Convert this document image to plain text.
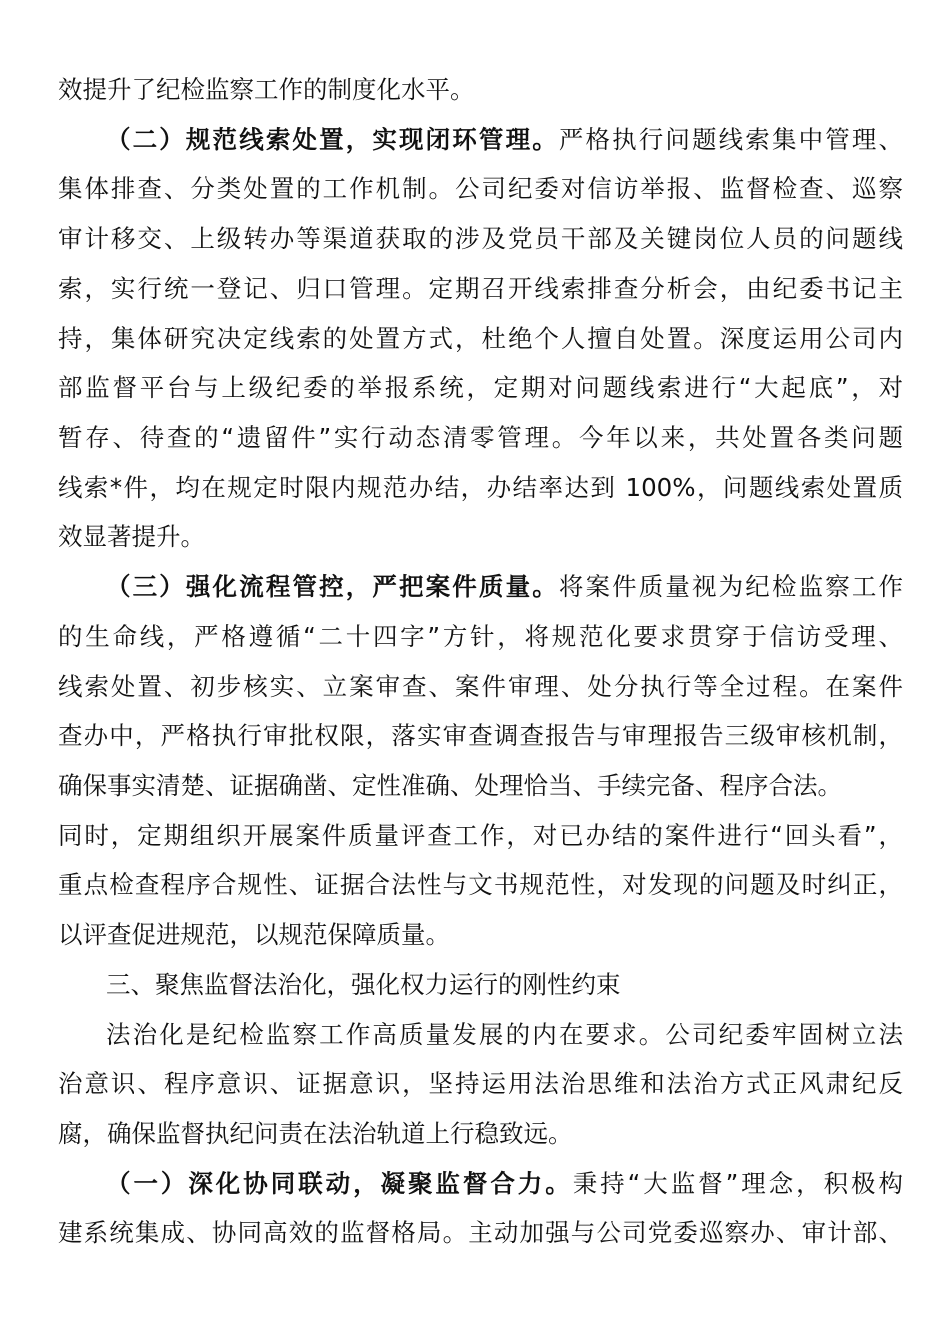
效提升了纪检监察工作的制度化水平。
（二）规范线索处置，实现闭环管理。严格执行问题线索集中管理、
集体排查、分类处置的工作机制。公司纪委对信访举报、监督检查、巡察
审计移交、上级转办等渠道获取的涉及党员干部及关键岗位人员的问题线
索，实行统一登记、归口管理。定期召开线索排查分析会，由纪委书记主
持，集体研究决定线索的处置方式，杜绝个人擅自处置。深度运用公司内
部监督平台与上级纪委的举报系统，定期对问题线索进行“大起底”，对
暂存、待查的“遗留件”实行动态清零管理。今年以来，共处置各类问题
线索*件，均在规定时限内规范办结，办结率达到 100%，问题线索处置质
效显著提升。
（三）强化流程管控，严把案件质量。将案件质量视为纪检监察工作
的生命线，严格遵循“二十四字”方针，将规范化要求贯穿于信访受理、
线索处置、初步核实、立案审查、案件审理、处分执行等全过程。在案件
查办中，严格执行审批权限，落实审查调查报告与审理报告三级审核机制，
确保事实清楚、证据确凿、定性准确、处理恰当、手续完备、程序合法。
同时，定期组织开展案件质量评查工作，对已办结的案件进行“回头看”，
重点检查程序合规性、证据合法性与文书规范性，对发现的问题及时纠正，
以评查促进规范，以规范保障质量。
三、聚焦监督法治化，强化权力运行的刚性约束
法治化是纪检监察工作高质量发展的内在要求。公司纪委牢固树立法
治意识、程序意识、证据意识，坚持运用法治思维和法治方式正风肃纪反
腐，确保监督执纪问责在法治轨道上行稳致远。
（一）深化协同联动，凝聚监督合力。秉持“大监督”理念，积极构
建系统集成、协同高效的监督格局。主动加强与公司党委巡察办、审计部、
